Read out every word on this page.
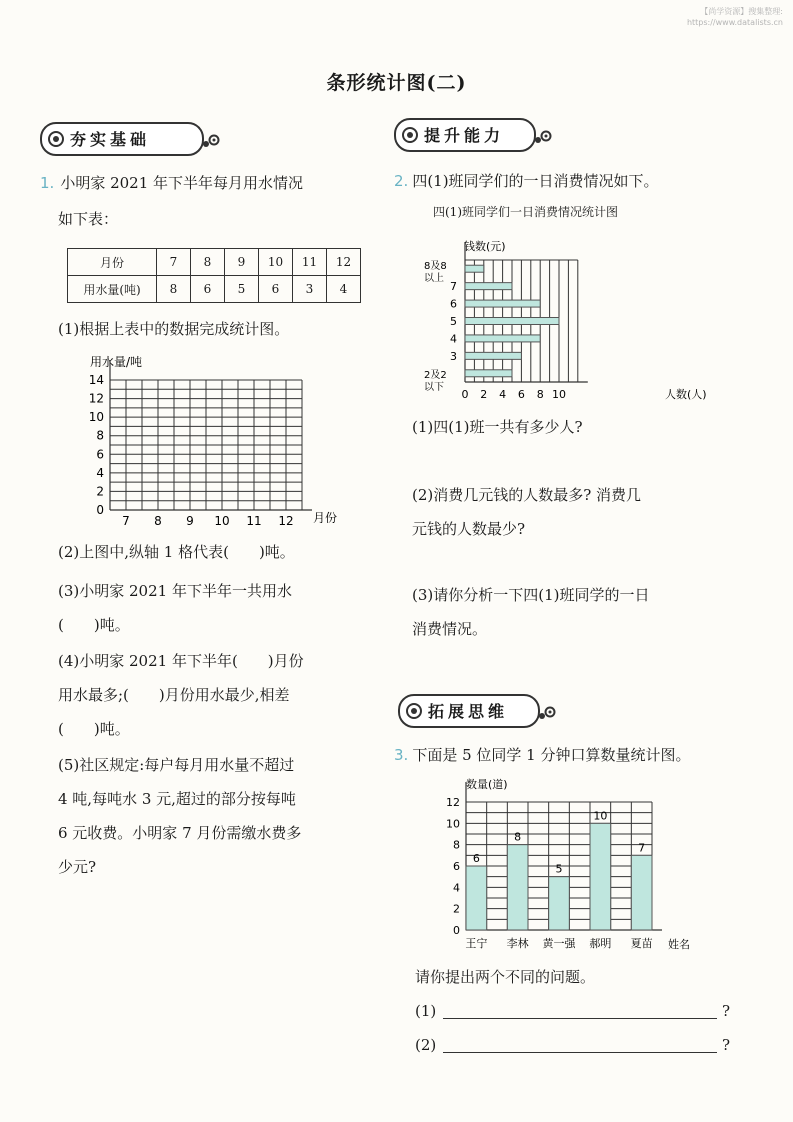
【尚学资源】搜集整理:
https://www.datalists.cn
条形统计图(二)
夯实基础
1. 小明家 2021 年下半年每月用水情况
如下表：
月份	7	8	9	10	11	12
用水量(吨)	8	6	5	6	3	4
(1)根据上表中的数据完成统计图。
用水量/吨
14
12
10
8
6
4
2
0
7 8 9 10 11 12 月份
(2)上图中,纵轴 1 格代表(　　)吨。
(3)小明家 2021 年下半年一共用水
(　　)吨。
(4)小明家 2021 年下半年(　　)月份
用水最多;(　　)月份用水最少,相差
(　　)吨。
(5)社区规定:每户每月用水量不超过
4 吨,每吨水 3 元,超过的部分按每吨
6 元收费。小明家 7 月份需缴水费多
少元?
提升能力
2. 四(1)班同学们的一日消费情况如下。
四(1)班同学们一日消费情况统计图
钱数(元)
7
6
5
4
3
2 4 6 8 10
8及8
以上
2及2
以下
0	人数(人)
(1)四(1)班一共有多少人?
(2)消费几元钱的人数最多? 消费几
元钱的人数最少?
(3)请你分析一下四(1)班同学的一日
消费情况。
拓展思维
3. 下面是 5 位同学 1 分钟口算数量统计图。
数量(道)
12
10
8
6
4
2
0
王宁 李林 黄一强 郝明 夏苗
6
8
5
10
7
姓名
请你提出两个不同的问题。
(1)	?
(2)	?
